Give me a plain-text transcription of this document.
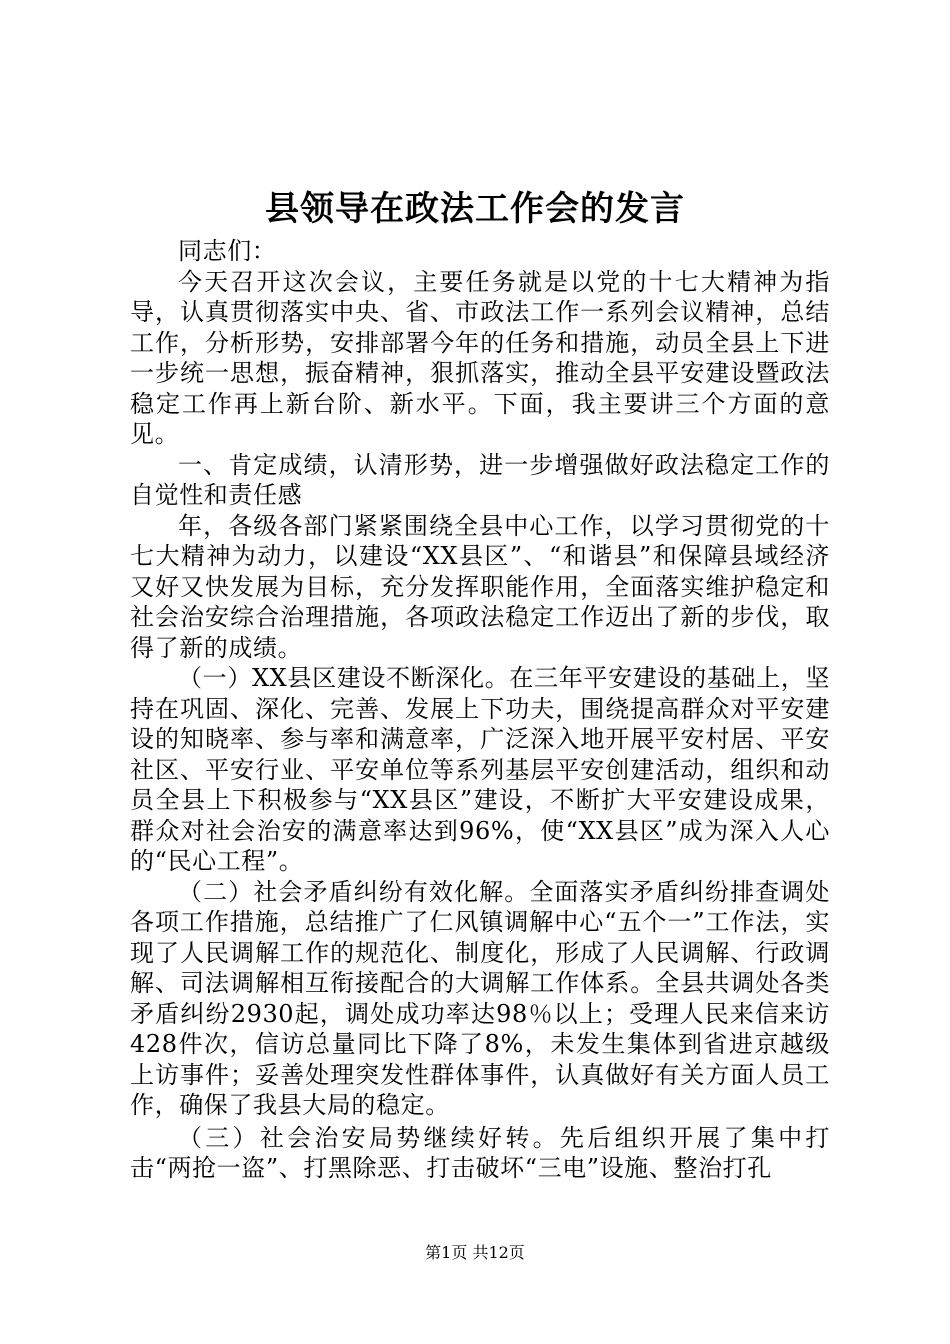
县领导在政法工作会的发言

同志们：

今天召开这次会议，主要任务就是以党的十七大精神为指导，认真贯彻落实中央、省、市政法工作一系列会议精神，总结工作，分析形势，安排部署今年的任务和措施，动员全县上下进一步统一思想，振奋精神，狠抓落实，推动全县平安建设暨政法稳定工作再上新台阶、新水平。下面，我主要讲三个方面的意见。

一、肯定成绩，认清形势，进一步增强做好政法稳定工作的自觉性和责任感

年，各级各部门紧紧围绕全县中心工作，以学习贯彻党的十七大精神为动力，以建设“XX县区”、“和谐县”和保障县域经济又好又快发展为目标，充分发挥职能作用，全面落实维护稳定和社会治安综合治理措施，各项政法稳定工作迈出了新的步伐，取得了新的成绩。

（一）XX县区建设不断深化。在三年平安建设的基础上，坚持在巩固、深化、完善、发展上下功夫，围绕提高群众对平安建设的知晓率、参与率和满意率，广泛深入地开展平安村居、平安社区、平安行业、平安单位等系列基层平安创建活动，组织和动员全县上下积极参与“XX县区”建设，不断扩大平安建设成果，群众对社会治安的满意率达到96%，使“XX县区”成为深入人心的“民心工程”。

（二）社会矛盾纠纷有效化解。全面落实矛盾纠纷排查调处各项工作措施，总结推广了仁风镇调解中心“五个一”工作法，实现了人民调解工作的规范化、制度化，形成了人民调解、行政调解、司法调解相互衔接配合的大调解工作体系。全县共调处各类矛盾纠纷2930起，调处成功率达98％以上；受理人民来信来访428件次，信访总量同比下降了8%，未发生集体到省进京越级上访事件；妥善处理突发性群体事件，认真做好有关方面人员工作，确保了我县大局的稳定。

（三）社会治安局势继续好转。先后组织开展了集中打击“两抢一盗”、打黑除恶、打击破坏“三电”设施、整治打孔

第1页 共12页
